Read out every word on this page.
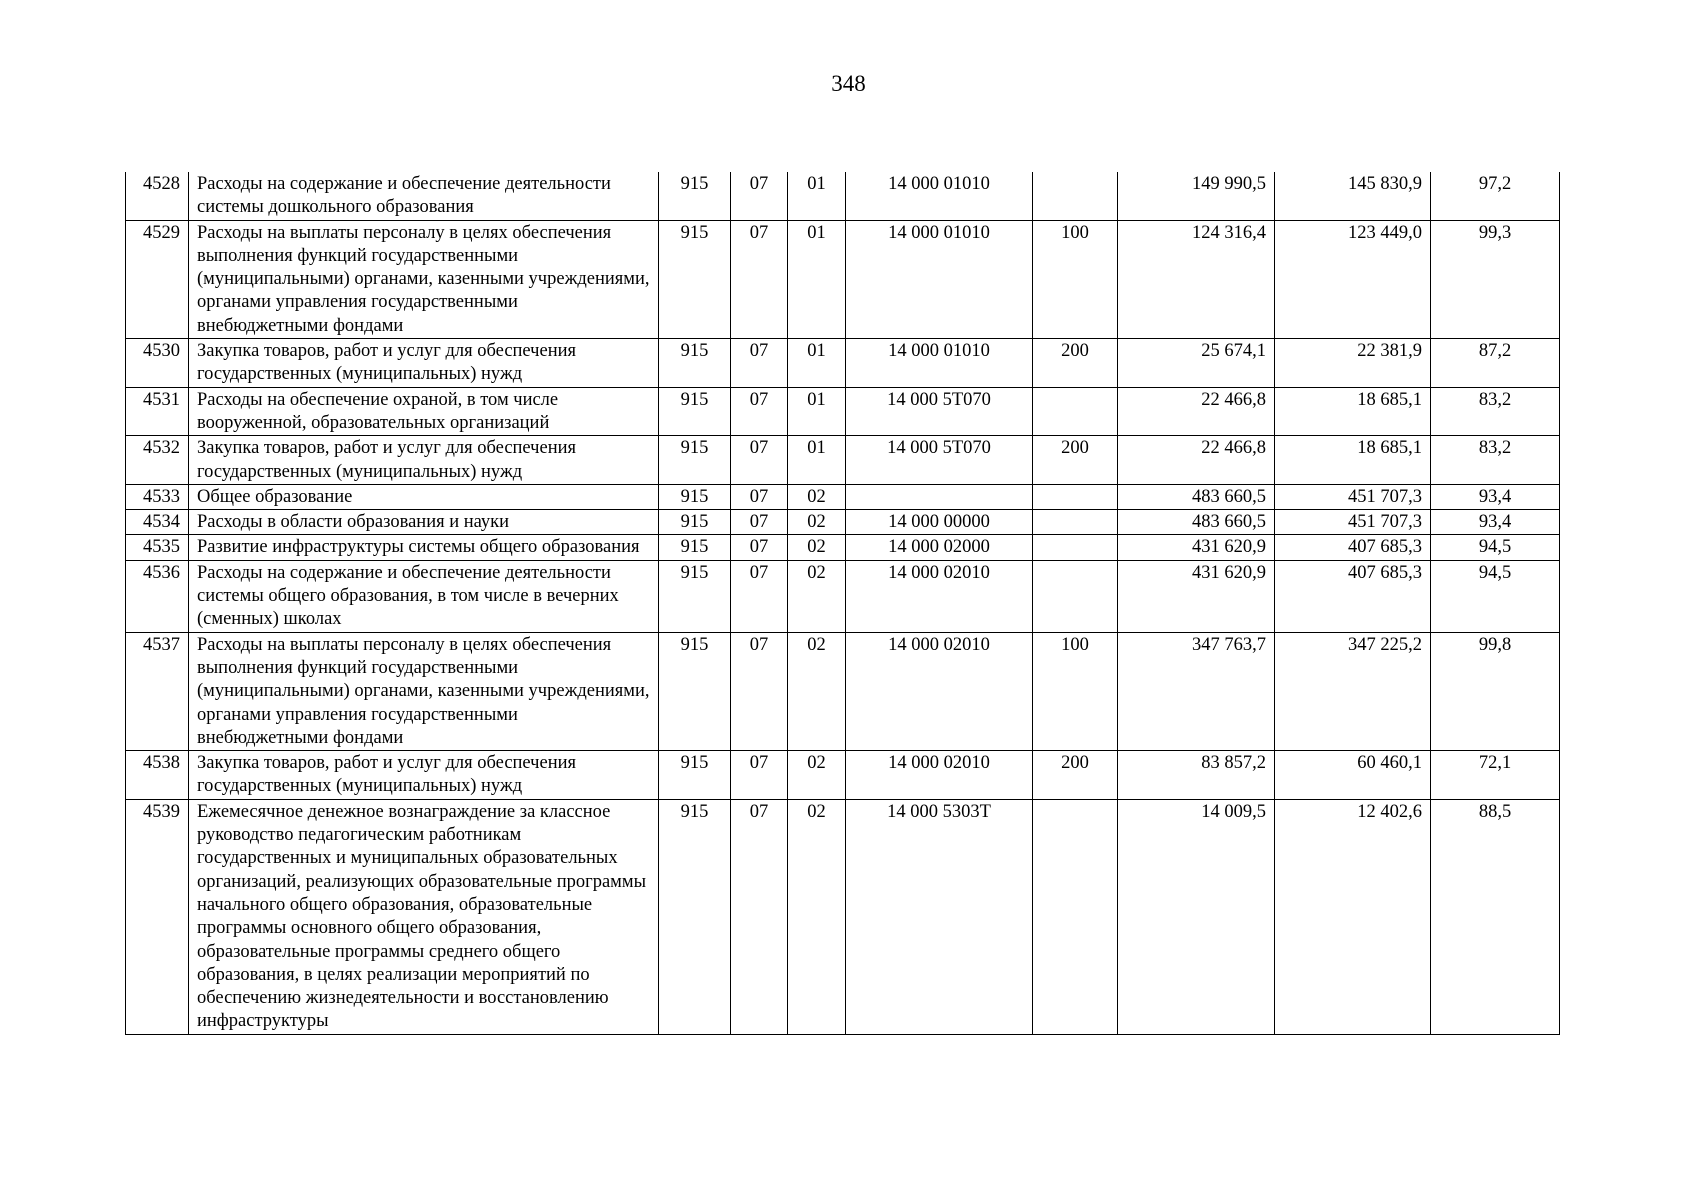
348
4528	Расходы на содержание и обеспечение деятельности системы дошкольного образования	915	07	01	14 000 01010		149 990,5	145 830,9	97,2
4529	Расходы на выплаты персоналу в целях обеспечения выполнения функций государственными (муниципальными) органами, казенными учреждениями, органами управления государственными внебюджетными фондами	915	07	01	14 000 01010	100	124 316,4	123 449,0	99,3
4530	Закупка товаров, работ и услуг для обеспечения государственных (муниципальных) нужд	915	07	01	14 000 01010	200	25 674,1	22 381,9	87,2
4531	Расходы на обеспечение охраной, в том числе вооруженной, образовательных организаций	915	07	01	14 000 5Т070		22 466,8	18 685,1	83,2
4532	Закупка товаров, работ и услуг для обеспечения государственных (муниципальных) нужд	915	07	01	14 000 5Т070	200	22 466,8	18 685,1	83,2
4533	Общее образование	915	07	02			483 660,5	451 707,3	93,4
4534	Расходы в области образования и науки	915	07	02	14 000 00000		483 660,5	451 707,3	93,4
4535	Развитие инфраструктуры системы общего образования	915	07	02	14 000 02000		431 620,9	407 685,3	94,5
4536	Расходы на содержание и обеспечение деятельности системы общего образования, в том числе в вечерних (сменных) школах	915	07	02	14 000 02010		431 620,9	407 685,3	94,5
4537	Расходы на выплаты персоналу в целях обеспечения выполнения функций государственными (муниципальными) органами, казенными учреждениями, органами управления государственными внебюджетными фондами	915	07	02	14 000 02010	100	347 763,7	347 225,2	99,8
4538	Закупка товаров, работ и услуг для обеспечения государственных (муниципальных) нужд	915	07	02	14 000 02010	200	83 857,2	60 460,1	72,1
4539	Ежемесячное денежное вознаграждение за классное руководство педагогическим работникам государственных и муниципальных образовательных организаций, реализующих образовательные программы начального общего образования, образовательные программы основного общего образования, образовательные программы среднего общего образования, в целях реализации мероприятий по обеспечению жизнедеятельности и восстановлению инфраструктуры	915	07	02	14 000 5303Т		14 009,5	12 402,6	88,5
